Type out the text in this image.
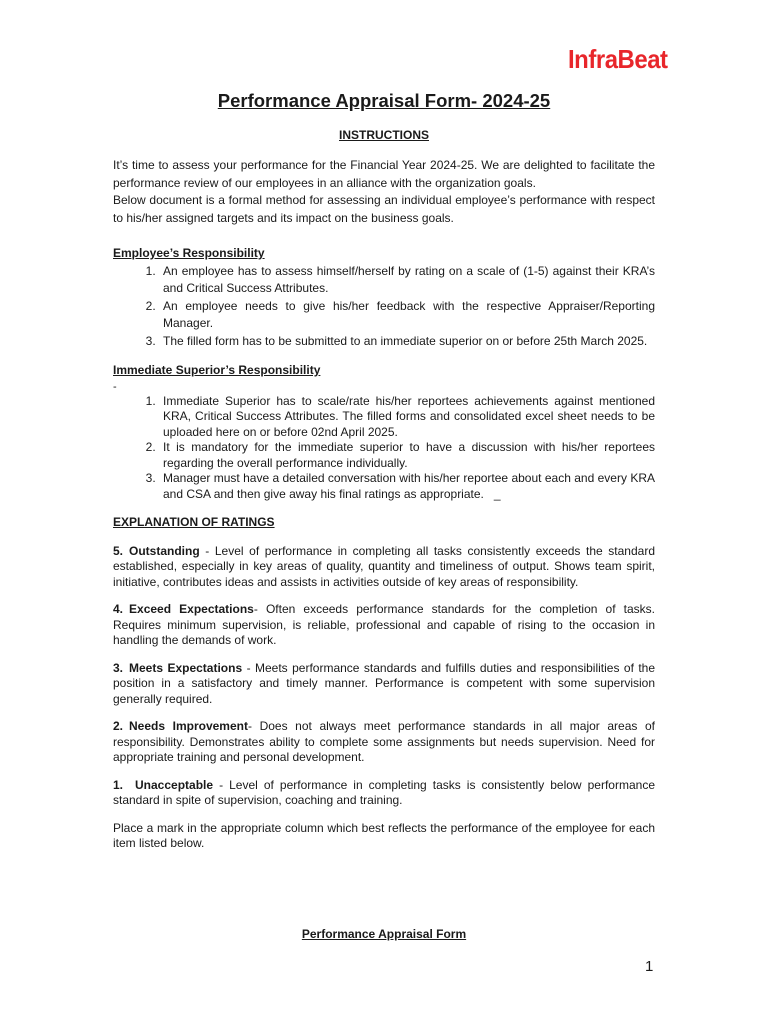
InfraBeat
Performance Appraisal Form- 2024-25
INSTRUCTIONS

It’s time to assess your performance for the Financial Year 2024-25. We are delighted to facilitate the performance review of our employees in an alliance with the organization goals.

Below document is a formal method for assessing an individual employee’s performance with respect to his/her assigned targets and its impact on the business goals.

Employee’s Responsibility

1. An employee has to assess himself/herself by rating on a scale of (1-5) against their KRA’s and Critical Success Attributes.
2. An employee needs to give his/her feedback with the respective Appraiser/Reporting Manager.
3. The filled form has to be submitted to an immediate superior on or before 25th March 2025.

Immediate Superior’s Responsibility

-
1. Immediate Superior has to scale/rate his/her reportees achievements against mentioned KRA, Critical Success Attributes. The filled forms and consolidated excel sheet needs to be uploaded here on or before 02nd April 2025.
2. It is mandatory for the immediate superior to have a discussion with his/her reportees regarding the overall performance individually.
3. Manager must have a detailed conversation with his/her reportee about each and every KRA and CSA and then give away his final ratings as appropriate. _

EXPLANATION OF RATINGS

5. Outstanding - Level of performance in completing all tasks consistently exceeds the standard established, especially in key areas of quality, quantity and timeliness of output. Shows team spirit, initiative, contributes ideas and assists in activities outside of key areas of responsibility.

4. Exceed Expectations- Often exceeds performance standards for the completion of tasks. Requires minimum supervision, is reliable, professional and capable of rising to the occasion in handling the demands of work.

3. Meets Expectations - Meets performance standards and fulfills duties and responsibilities of the position in a satisfactory and timely manner. Performance is competent with some supervision generally required.

2. Needs Improvement- Does not always meet performance standards in all major areas of responsibility. Demonstrates ability to complete some assignments but needs supervision. Need for appropriate training and personal development.

1. Unacceptable - Level of performance in completing tasks is consistently below performance standard in spite of supervision, coaching and training.

Place a mark in the appropriate column which best reflects the performance of the employee for each item listed below.

Performance Appraisal Form
1
